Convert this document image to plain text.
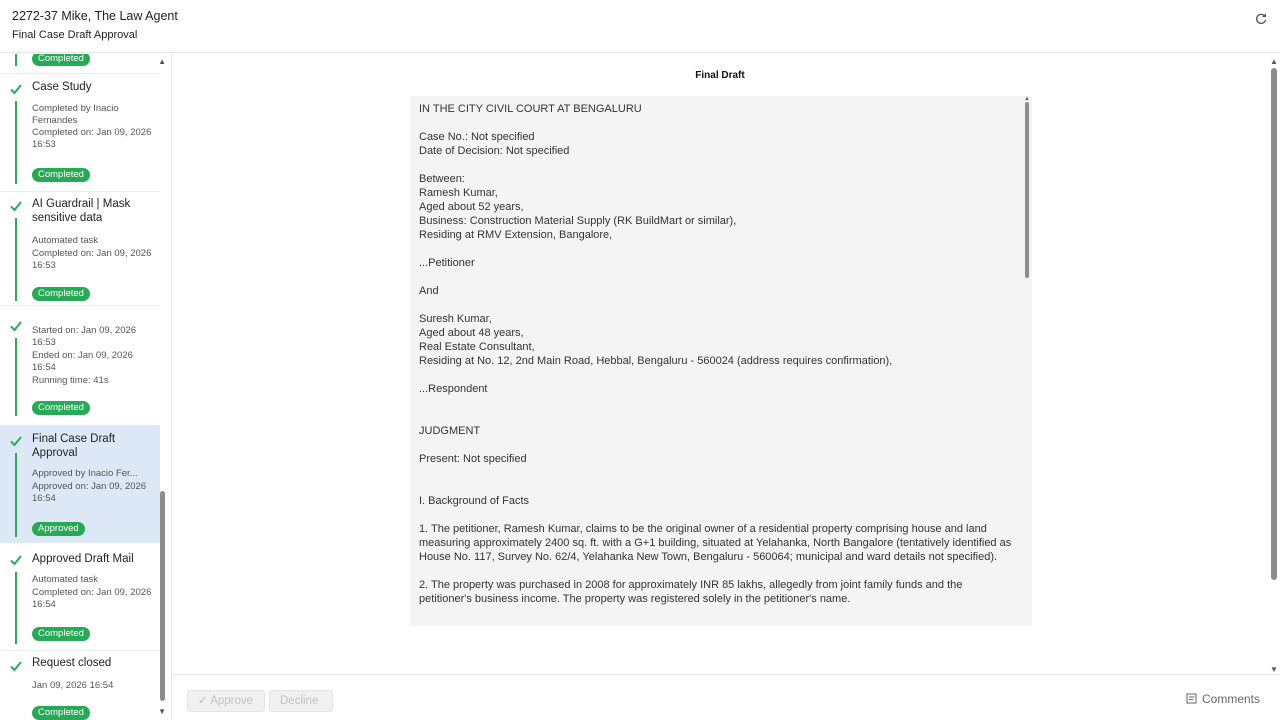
2272-37 Mike, The Law Agent
Final Case Draft Approval
Completed
Case Study
Completed by Inacio Fernandes
Completed on: Jan 09, 2026 16:53
Completed
AI Guardrail | Mask sensitive data
Automated task
Completed on: Jan 09, 2026 16:53
Completed
Started on: Jan 09, 2026 16:53
Ended on: Jan 09, 2026 16:54
Running time: 41s
Completed
Final Case Draft Approval
Approved by Inacio Fer...
Approved on: Jan 09, 2026 16:54
Approved
Approved Draft Mail
Automated task
Completed on: Jan 09, 2026 16:54
Completed
Request closed
Jan 09, 2026 16:54
Completed
▲
▼
Final Draft
IN THE CITY CIVIL COURT AT BENGALURU

Case No.: Not specified
Date of Decision: Not specified

Between:
Ramesh Kumar,
Aged about 52 years,
Business: Construction Material Supply (RK BuildMart or similar),
Residing at RMV Extension, Bangalore,

...Petitioner

And

Suresh Kumar,
Aged about 48 years,
Real Estate Consultant,
Residing at No. 12, 2nd Main Road, Hebbal, Bengaluru - 560024 (address requires confirmation),

...Respondent

JUDGMENT

Present: Not specified

I. Background of Facts

1. The petitioner, Ramesh Kumar, claims to be the original owner of a residential property comprising house and land measuring approximately 2400 sq. ft. with a G+1 building, situated at Yelahanka, North Bangalore (tentatively identified as House No. 117, Survey No. 62/4, Yelahanka New Town, Bengaluru - 560064; municipal and ward details not specified).

2. The property was purchased in 2008 for approximately INR 85 lakhs, allegedly from joint family funds and the petitioner's business income. The property was registered solely in the petitioner's name.
▲
▲
▼
✓ Approve	Decline	Comments
